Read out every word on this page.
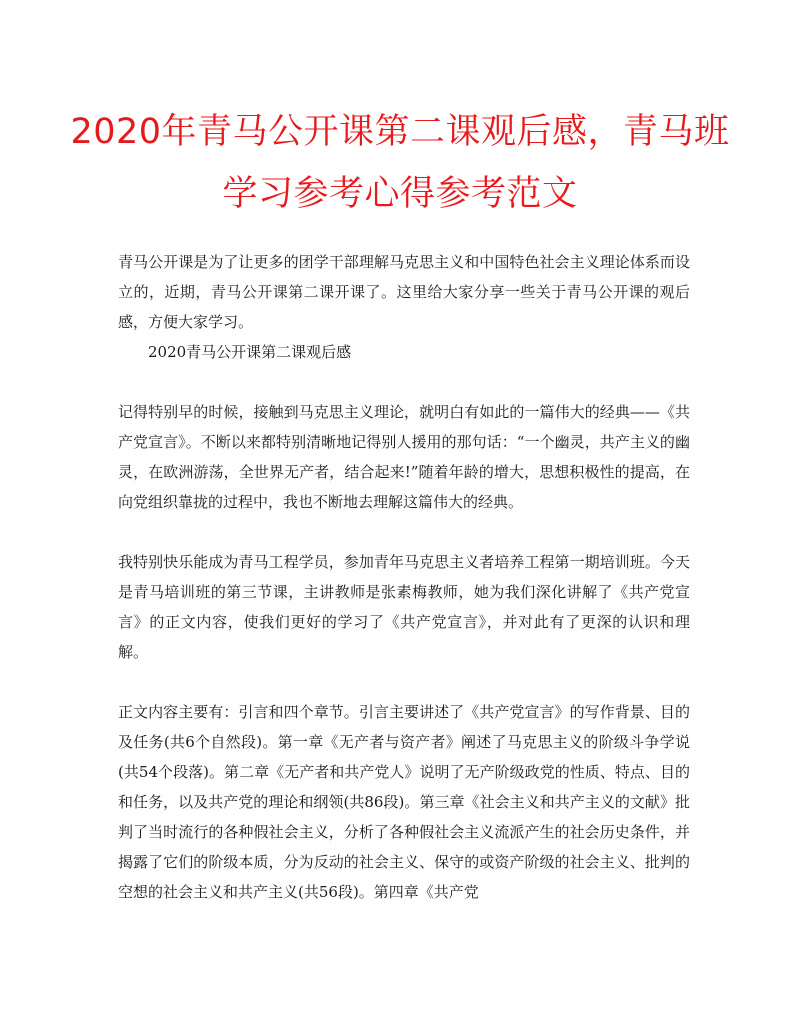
2020年青马公开课第二课观后感，青马班
学习参考心得参考范文

青马公开课是为了让更多的团学干部理解马克思主义和中国特色社会主义理论体系而设立的，近期，青马公开课第二课开课了。这里给大家分享一些关于青马公开课的观后感，方便大家学习。

2020青马公开课第二课观后感

记得特别早的时候，接触到马克思主义理论，就明白有如此的一篇伟大的经典——《共产党宣言》。不断以来都特别清晰地记得别人援用的那句话：“一个幽灵，共产主义的幽灵，在欧洲游荡，全世界无产者，结合起来!”随着年龄的增大，思想积极性的提高，在向党组织靠拢的过程中，我也不断地去理解这篇伟大的经典。

我特别快乐能成为青马工程学员，参加青年马克思主义者培养工程第一期培训班。今天是青马培训班的第三节课，主讲教师是张素梅教师，她为我们深化讲解了《共产党宣言》的正文内容，使我们更好的学习了《共产党宣言》，并对此有了更深的认识和理解。

正文内容主要有：引言和四个章节。引言主要讲述了《共产党宣言》的写作背景、目的及任务(共6个自然段)。第一章《无产者与资产者》阐述了马克思主义的阶级斗争学说(共54个段落)。第二章《无产者和共产党人》说明了无产阶级政党的性质、特点、目的和任务，以及共产党的理论和纲领(共86段)。第三章《社会主义和共产主义的文献》批判了当时流行的各种假社会主义，分析了各种假社会主义流派产生的社会历史条件，并揭露了它们的阶级本质，分为反动的社会主义、保守的或资产阶级的社会主义、批判的空想的社会主义和共产主义(共56段)。第四章《共产党
